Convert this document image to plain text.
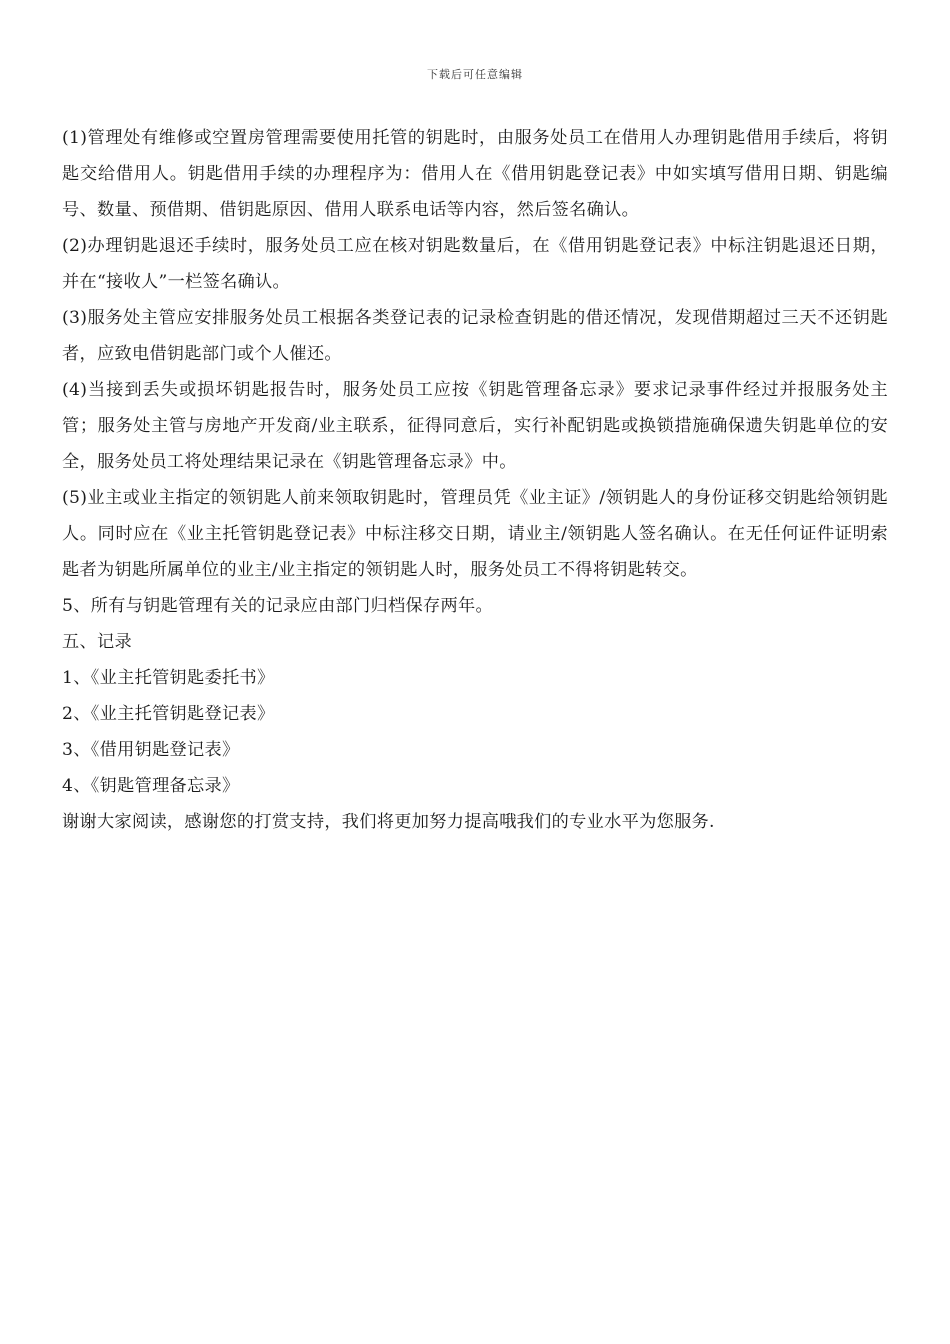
下载后可任意编辑

(1)管理处有维修或空置房管理需要使用托管的钥匙时，由服务处员工在借用人办理钥匙借用手续后，将钥匙交给借用人。钥匙借用手续的办理程序为：借用人在《借用钥匙登记表》中如实填写借用日期、钥匙编号、数量、预借期、借钥匙原因、借用人联系电话等内容，然后签名确认。

(2)办理钥匙退还手续时，服务处员工应在核对钥匙数量后，在《借用钥匙登记表》中标注钥匙退还日期，并在“接收人”一栏签名确认。

(3)服务处主管应安排服务处员工根据各类登记表的记录检查钥匙的借还情况，发现借期超过三天不还钥匙者，应致电借钥匙部门或个人催还。

(4)当接到丢失或损坏钥匙报告时，服务处员工应按《钥匙管理备忘录》要求记录事件经过并报服务处主管；服务处主管与房地产开发商/业主联系，征得同意后，实行补配钥匙或换锁措施确保遗失钥匙单位的安全，服务处员工将处理结果记录在《钥匙管理备忘录》中。

(5)业主或业主指定的领钥匙人前来领取钥匙时，管理员凭《业主证》/领钥匙人的身份证移交钥匙给领钥匙人。同时应在《业主托管钥匙登记表》中标注移交日期，请业主/领钥匙人签名确认。在无任何证件证明索匙者为钥匙所属单位的业主/业主指定的领钥匙人时，服务处员工不得将钥匙转交。

5、所有与钥匙管理有关的记录应由部门归档保存两年。

五、记录

1、《业主托管钥匙委托书》

2、《业主托管钥匙登记表》

3、《借用钥匙登记表》

4、《钥匙管理备忘录》

谢谢大家阅读，感谢您的打赏支持，我们将更加努力提高哦我们的专业水平为您服务.
